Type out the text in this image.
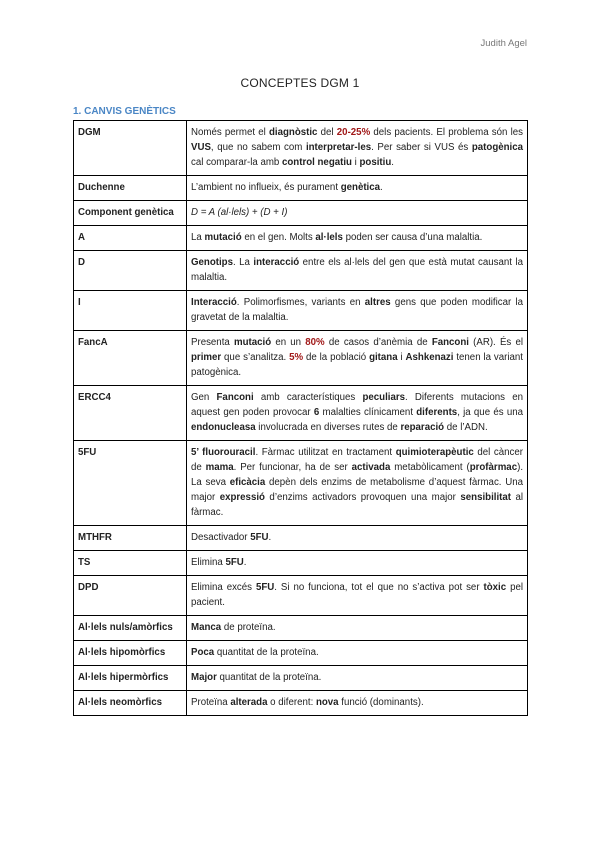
Judith Agel
CONCEPTES DGM 1
1. CANVIS GENÈTICS
DGM	Només permet el diagnòstic del 20-25% dels pacients. El problema són les VUS, que no sabem com interpretar-les. Per saber si VUS és patogènica cal comparar-la amb control negatiu i positiu.
Duchenne	L’ambient no influeix, és purament genètica.
Component genètica	D = A (al·lels) + (D + I)
A	La mutació en el gen. Molts al·lels poden ser causa d’una malaltia.
D	Genotips. La interacció entre els al·lels del gen que està mutat causant la malaltia.
I	Interacció. Polimorfismes, variants en altres gens que poden modificar la gravetat de la malaltia.
FancA	Presenta mutació en un 80% de casos d’anèmia de Fanconi (AR). És el primer que s’analitza. 5% de la població gitana i Ashkenazi tenen la variant patogènica.
ERCC4	Gen Fanconi amb característiques peculiars. Diferents mutacions en aquest gen poden provocar 6 malalties clínicament diferents, ja que és una endonucleasa involucrada en diverses rutes de reparació de l’ADN.
5FU	5’ fluorouracil. Fàrmac utilitzat en tractament quimioterapèutic del càncer de mama. Per funcionar, ha de ser activada metabòlicament (profàrmac). La seva eficàcia depèn dels enzims de metabolisme d’aquest fàrmac. Una major expressió d’enzims activadors provoquen una major sensibilitat al fàrmac.
MTHFR	Desactivador 5FU.
TS	Elimina 5FU.
DPD	Elimina excés 5FU. Si no funciona, tot el que no s’activa pot ser tòxic pel pacient.
Al·lels nuls/amòrfics	Manca de proteïna.
Al·lels hipomòrfics	Poca quantitat de la proteïna.
Al·lels hipermòrfics	Major quantitat de la proteïna.
Al·lels neomòrfics	Proteïna alterada o diferent: nova funció (dominants).
